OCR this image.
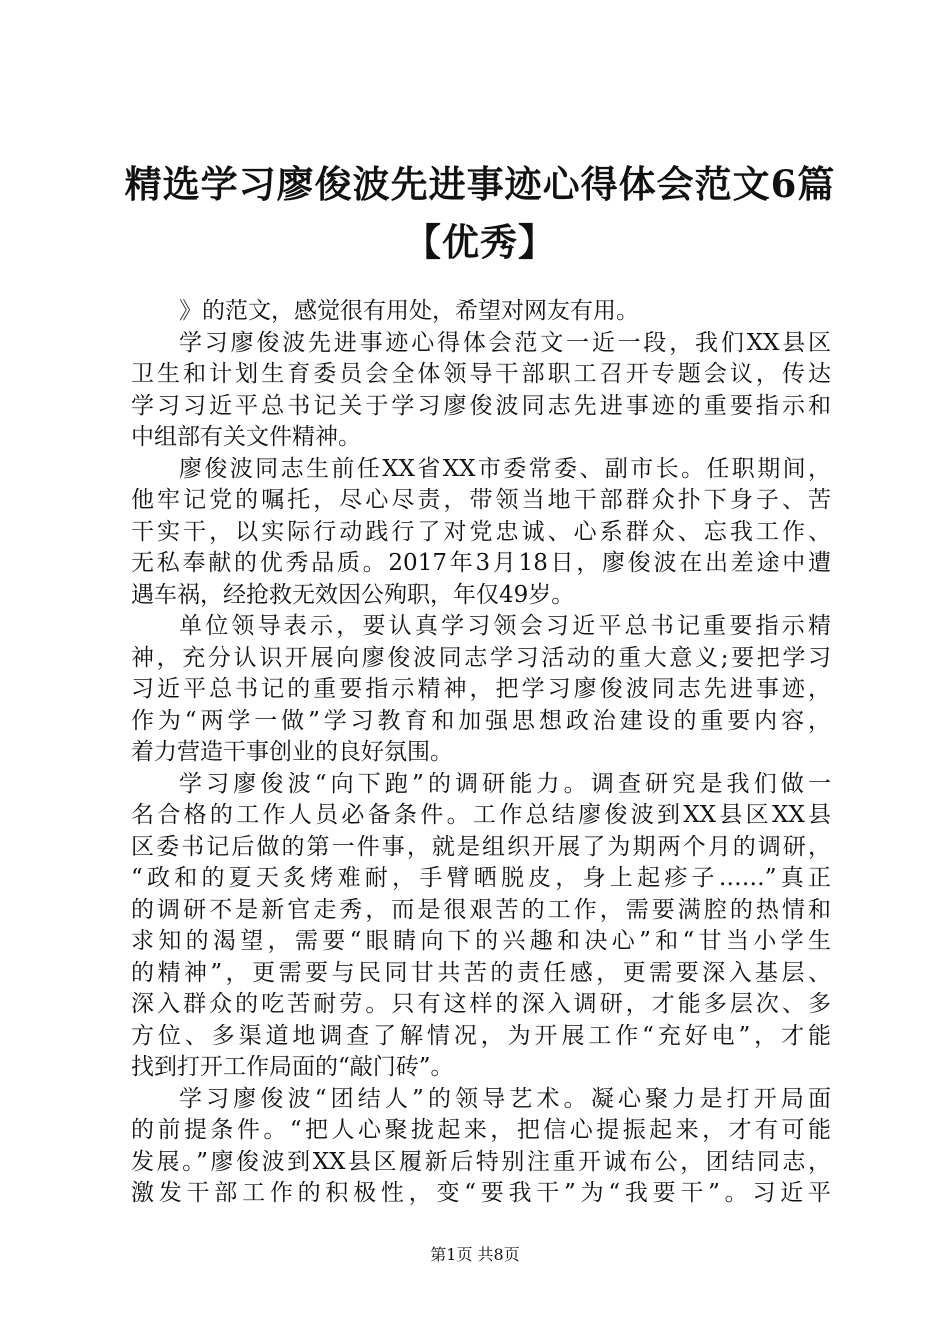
精选学习廖俊波先进事迹心得体会范文6篇
【优秀】
》的范文，感觉很有用处，希望对网友有用。
学习廖俊波先进事迹心得体会范文一近一段，我们XX县区
卫生和计划生育委员会全体领导干部职工召开专题会议，传达
学习习近平总书记关于学习廖俊波同志先进事迹的重要指示和
中组部有关文件精神。
廖俊波同志生前任XX省XX市委常委、副市长。任职期间，
他牢记党的嘱托，尽心尽责，带领当地干部群众扑下身子、苦
干实干，以实际行动践行了对党忠诚、心系群众、忘我工作、
无私奉献的优秀品质。2017年3月18日，廖俊波在出差途中遭
遇车祸，经抢救无效因公殉职，年仅49岁。
单位领导表示，要认真学习领会习近平总书记重要指示精
神，充分认识开展向廖俊波同志学习活动的重大意义;要把学习
习近平总书记的重要指示精神，把学习廖俊波同志先进事迹，
作为“两学一做”学习教育和加强思想政治建设的重要内容，
着力营造干事创业的良好氛围。
学习廖俊波“向下跑”的调研能力。调查研究是我们做一
名合格的工作人员必备条件。工作总结廖俊波到XX县区XX县
区委书记后做的第一件事，就是组织开展了为期两个月的调研，
“政和的夏天炙烤难耐，手臂晒脱皮，身上起疹子……”真正
的调研不是新官走秀，而是很艰苦的工作，需要满腔的热情和
求知的渴望，需要“眼睛向下的兴趣和决心”和“甘当小学生
的精神”，更需要与民同甘共苦的责任感，更需要深入基层、
深入群众的吃苦耐劳。只有这样的深入调研，才能多层次、多
方位、多渠道地调查了解情况，为开展工作“充好电”，才能
找到打开工作局面的“敲门砖”。
学习廖俊波“团结人”的领导艺术。凝心聚力是打开局面
的前提条件。“把人心聚拢起来，把信心提振起来，才有可能
发展。”廖俊波到XX县区履新后特别注重开诚布公，团结同志，
激发干部工作的积极性，变“要我干”为“我要干”。习近平
第1页 共8页
